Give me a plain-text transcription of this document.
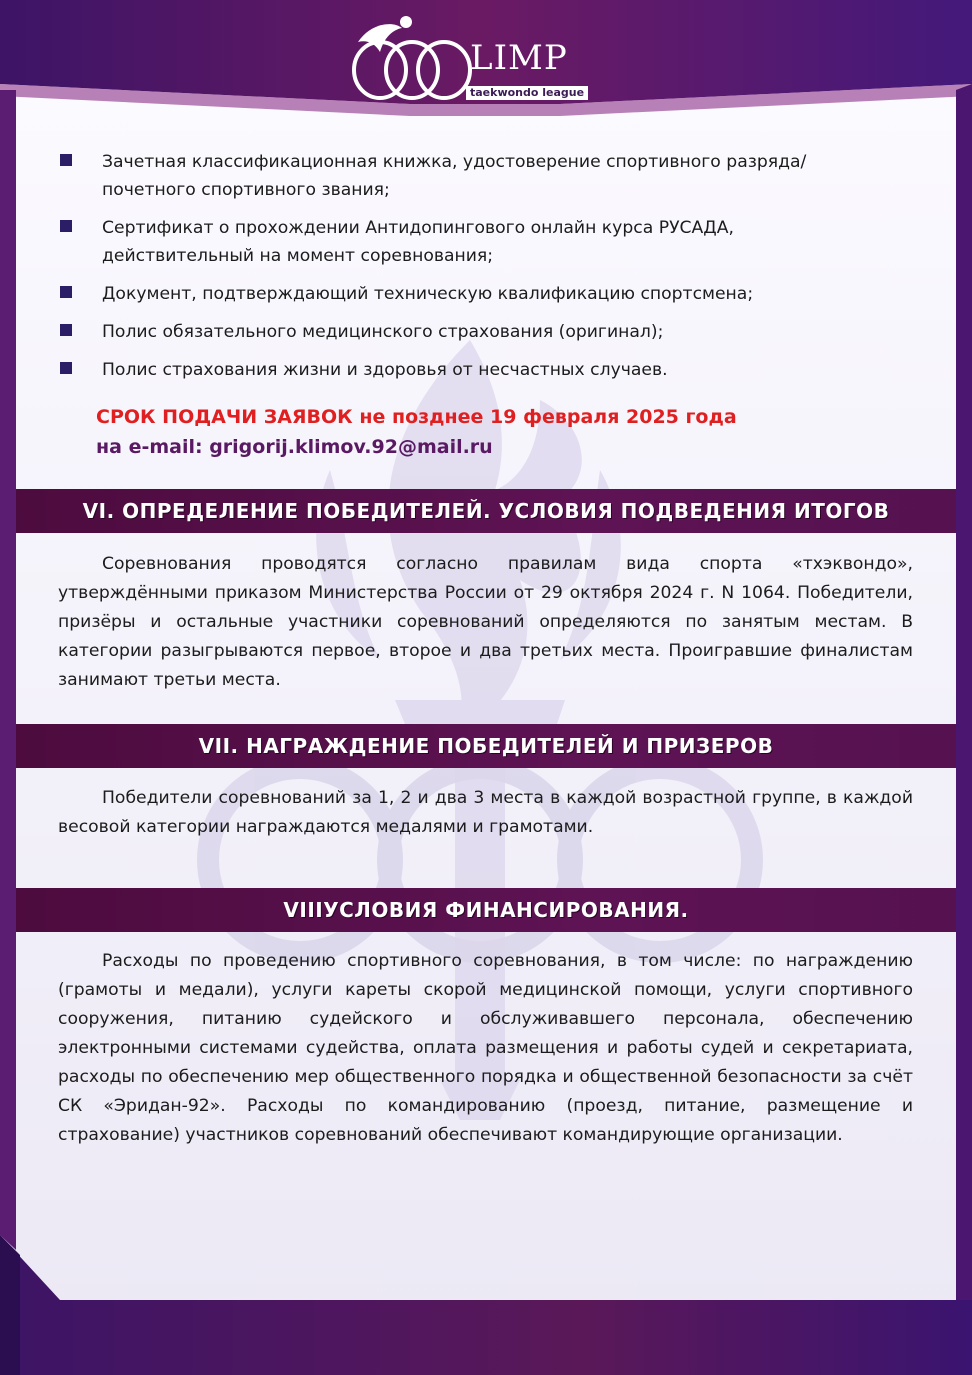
LIMP
taekwondo league
Зачетная классификационная книжка, удостоверение спортивного разряда/почетного спортивного звания;
Сертификат о прохождении Антидопингового онлайн курса РУСАДА, действительный на момент соревнования;
Документ, подтверждающий техническую квалификацию спортсмена;
Полис обязательного медицинского страхования (оригинал);
Полис страхования жизни и здоровья от несчастных случаев.
СРОК ПОДАЧИ ЗАЯВОК не позднее 19 февраля 2025 года
на e-mail: grigorij.klimov.92@mail.ru
VI. ОПРЕДЕЛЕНИЕ ПОБЕДИТЕЛЕЙ. УСЛОВИЯ ПОДВЕДЕНИЯ ИТОГОВ
Соревнования проводятся согласно правилам вида спорта «тхэквондо», утверждёнными приказом Министерства России от 29 октября 2024 г. N 1064. Победители, призёры и остальные участники соревнований определяются по занятым местам. В категории разыгрываются первое, второе и два третьих места. Проигравшие финалистам занимают третьи места.
VII. НАГРАЖДЕНИЕ ПОБЕДИТЕЛЕЙ И ПРИЗЕРОВ
Победители соревнований за 1, 2 и два 3 места в каждой возрастной группе, в каждой весовой категории награждаются медалями и грамотами.
VIIIУСЛОВИЯ ФИНАНСИРОВАНИЯ.
Расходы по проведению спортивного соревнования, в том числе: по награждению (грамоты и медали), услуги кареты скорой медицинской помощи, услуги спортивного сооружения, питанию судейского и обслуживавшего персонала, обеспечению электронными системами судейства, оплата размещения и работы судей и секретариата, расходы по обеспечению мер общественного порядка и общественной безопасности за счёт СК «Эридан-92». Расходы по командированию (проезд, питание, размещение и страхование) участников соревнований обеспечивают командирующие организации.
